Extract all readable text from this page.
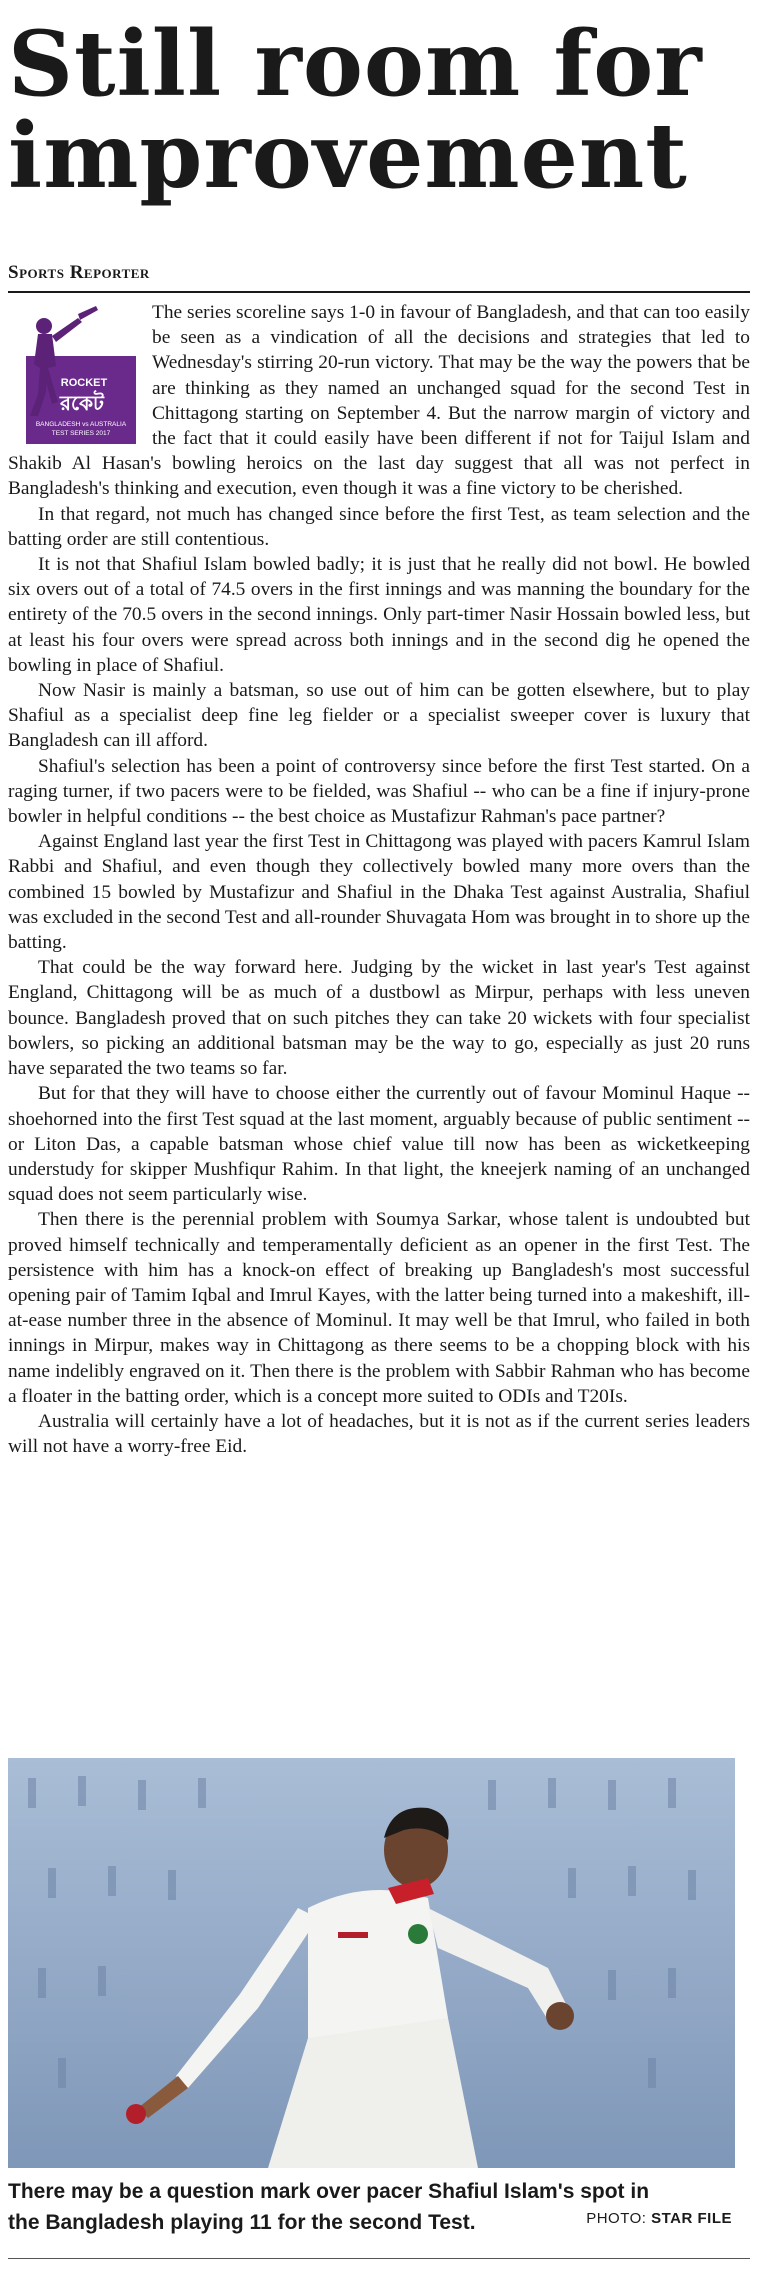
Still room for
improvement
Sports Reporter
ROCKET
রকেট
BANGLADESH vs AUSTRALIA
TEST SERIES 2017

The series scoreline says 1-0 in favour of Bangladesh, and that can too easily be seen as a vindication of all the decisions and strategies that led to Wednesday's stirring 20-run victory. That may be the way the powers that be are thinking as they named an unchanged squad for the second Test in Chittagong starting on September 4. But the narrow margin of victory and the fact that it could easily have been different if not for Taijul Islam and Shakib Al Hasan's bowling heroics on the last day suggest that all was not perfect in Bangladesh's thinking and execution, even though it was a fine victory to be cherished.

In that regard, not much has changed since before the first Test, as team selection and the batting order are still contentious.

It is not that Shafiul Islam bowled badly; it is just that he really did not bowl. He bowled six overs out of a total of 74.5 overs in the first innings and was manning the boundary for the entirety of the 70.5 overs in the second innings. Only part-timer Nasir Hossain bowled less, but at least his four overs were spread across both innings and in the second dig he opened the bowling in place of Shafiul.

Now Nasir is mainly a batsman, so use out of him can be gotten elsewhere, but to play Shafiul as a specialist deep fine leg fielder or a specialist sweeper cover is luxury that Bangladesh can ill afford.

Shafiul's selection has been a point of controversy since before the first Test started. On a raging turner, if two pacers were to be fielded, was Shafiul -- who can be a fine if injury-prone bowler in helpful conditions -- the best choice as Mustafizur Rahman's pace partner?

Against England last year the first Test in Chittagong was played with pacers Kamrul Islam Rabbi and Shafiul, and even though they collectively bowled many more overs than the combined 15 bowled by Mustafizur and Shafiul in the Dhaka Test against Australia, Shafiul was excluded in the second Test and all-rounder Shuvagata Hom was brought in to shore up the batting.

That could be the way forward here. Judging by the wicket in last year's Test against England, Chittagong will be as much of a dustbowl as Mirpur, perhaps with less uneven bounce. Bangladesh proved that on such pitches they can take 20 wickets with four specialist bowlers, so picking an additional batsman may be the way to go, especially as just 20 runs have separated the two teams so far.

But for that they will have to choose either the currently out of favour Mominul Haque -- shoehorned into the first Test squad at the last moment, arguably because of public sentiment -- or Liton Das, a capable batsman whose chief value till now has been as wicketkeeping understudy for skipper Mushfiqur Rahim. In that light, the kneejerk naming of an unchanged squad does not seem particularly wise.

Then there is the perennial problem with Soumya Sarkar, whose talent is undoubted but proved himself technically and temperamentally deficient as an opener in the first Test. The persistence with him has a knock-on effect of breaking up Bangladesh's most successful opening pair of Tamim Iqbal and Imrul Kayes, with the latter being turned into a makeshift, ill-at-ease number three in the absence of Mominul. It may well be that Imrul, who failed in both innings in Mirpur, makes way in Chittagong as there seems to be a chopping block with his name indelibly engraved on it. Then there is the problem with Sabbir Rahman who has become a floater in the batting order, which is a concept more suited to ODIs and T20Is.

Australia will certainly have a lot of headaches, but it is not as if the current series leaders will not have a worry-free Eid.

There may be a question mark over pacer Shafiul Islam's spot in
the Bangladesh playing 11 for the second Test.	PHOTO: STAR FILE
